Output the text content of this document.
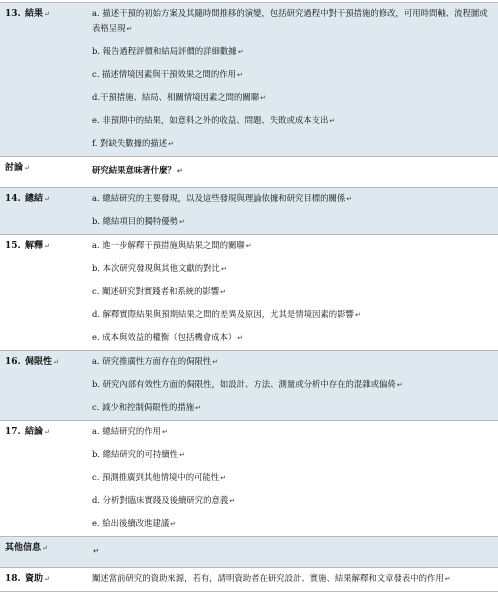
13. 結果↵	a. 描述干預的初始方案及其隨時間推移的演變，包括研究過程中對干預措施的修改，可用時間軸、流程圖或表格呈現↵
b. 報告過程評價和結局評價的詳細數據↵
c. 描述情境因素與干預效果之間的作用↵
d.干預措施、結局、相關情境因素之間的關聯↵
e. 非預期中的結果，如意料之外的收益、問題、失敗或成本支出↵
f. 對缺失數據的描述↵
討論↵	研究結果意味著什麼？↵
14. 總結↵	a. 總結研究的主要發現，以及這些發現與理論依據和研究目標的關係↵
b. 總結項目的獨特優勢↵
15. 解釋↵	a. 進一步解釋干預措施與結果之間的關聯↵
b. 本次研究發現與其他文獻的對比↵
c. 闡述研究對實踐者和系統的影響↵
d. 解釋實際結果與預期結果之間的差異及原因，尤其是情境因素的影響↵
e. 成本與效益的權衡（包括機會成本）↵
16. 侷限性↵	a. 研究推廣性方面存在的侷限性↵
b. 研究內部有效性方面的侷限性，如設計、方法、測量或分析中存在的混雜或偏倚↵
c. 減少和控制侷限性的措施↵
17. 結論↵	a. 總結研究的作用↵
b. 總結研究的可持續性↵
c. 預測推廣到其他情境中的可能性↵
d. 分析對臨床實踐及後續研究的意義↵
e. 給出後續改進建議↵
其他信息↵	↵
18. 資助↵	闡述當前研究的資助來源，若有，請明資助者在研究設計、實施、結果解釋和文章發表中的作用↵
